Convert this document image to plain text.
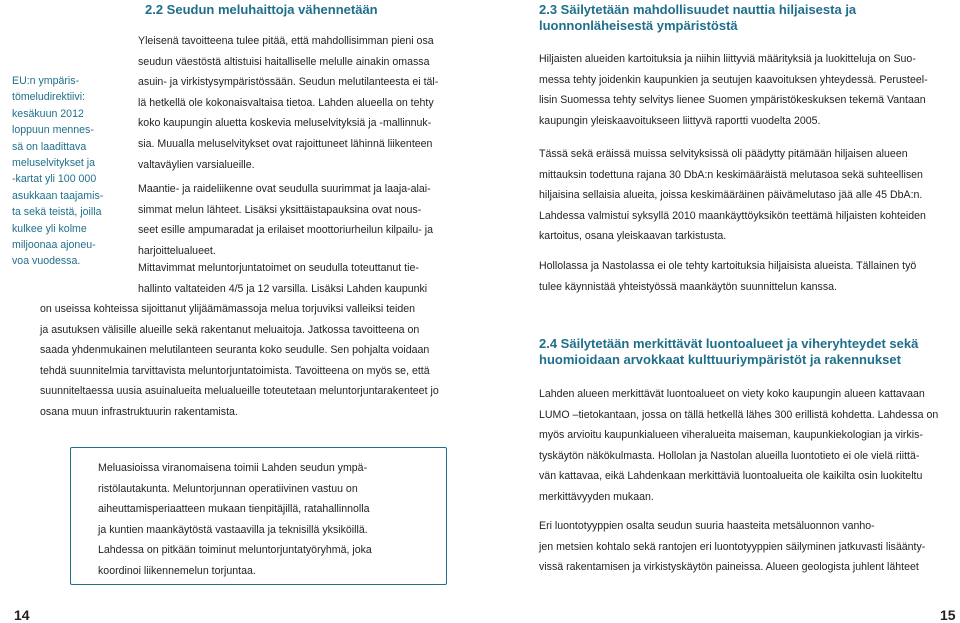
2.2 Seudun meluhaittoja vähennetään
EU:n ympäris-
tömeludirektiivi:
kesäkuun 2012
loppuun mennes-
sä on laadittava
meluselvitykset ja
-kartat yli 100 000
asukkaan taajamis-
ta sekä teistä, joilla
kulkee yli kolme
miljoonaa ajoneu-
voa vuodessa.
Yleisenä tavoitteena tulee pitää, että mahdollisimman pieni osa
seudun väestöstä altistuisi haitalliselle melulle ainakin omassa
asuin- ja virkistysympäristössään. Seudun melutilanteesta ei täl-
lä hetkellä ole kokonaisvaltaisa tietoa. Lahden alueella on tehty
koko kaupungin aluetta koskevia meluselvityksiä ja -mallinnuk-
sia. Muualla meluselvitykset ovat rajoittuneet lähinnä liikenteen
valtaväylien varsialueille.
Maantie- ja raideliikenne ovat seudulla suurimmat ja laaja-alai-
simmat melun lähteet. Lisäksi yksittäistapauksina ovat nous-
seet esille ampumaradat ja erilaiset moottoriurheilun kilpailu- ja
harjoittelualueet.
Mittavimmat meluntorjuntatoimet on seudulla toteuttanut tie-
hallinto valtateiden 4/5 ja 12 varsilla. Lisäksi Lahden kaupunki
on useissa kohteissa sijoittanut ylijäämämassoja melua torjuviksi valleiksi teiden
ja asutuksen välisille alueille sekä rakentanut meluaitoja. Jatkossa tavoitteena on
saada yhdenmukainen melutilanteen seuranta koko seudulle. Sen pohjalta voidaan
tehdä suunnitelmia tarvittavista meluntorjuntatoimista. Tavoitteena on myös se, että
suunniteltaessa uusia asuinalueita melualueille toteutetaan meluntorjuntarakenteet jo
osana muun infrastruktuurin rakentamista.
Meluasioissa viranomaisena toimii Lahden seudun ympä-
ristölautakunta. Meluntorjunnan operatiivinen vastuu on
aiheuttamisperiaatteen mukaan tienpitäjillä, ratahallinnolla
ja kuntien maankäytöstä vastaavilla ja teknisillä yksiköillä.
Lahdessa on pitkään toiminut meluntorjuntatyöryhmä, joka
koordinoi liikennemelun torjuntaa.
14
2.3 Säilytetään mahdollisuudet nauttia hiljaisesta ja
luonnonläheisestä ympäristöstä
Hiljaisten alueiden kartoituksia ja niihin liittyviä määrityksiä ja luokitteluja on Suo-
messa tehty joidenkin kaupunkien ja seutujen kaavoituksen yhteydessä. Perusteel-
lisin Suomessa tehty selvitys lienee Suomen ympäristökeskuksen tekemä Vantaan
kaupungin yleiskaavoitukseen liittyvä raportti vuodelta 2005.
Tässä sekä eräissä muissa selvityksissä oli päädytty pitämään hiljaisen alueen
mittauksin todettuna rajana 30 DbA:n keskimääräistä melutasoa sekä suhteellisen
hiljaisina sellaisia alueita, joissa keskimääräinen päivämelutaso jää alle 45 DbA:n.
Lahdessa valmistui syksyllä 2010 maankäyttöyksikön teettämä hiljaisten kohteiden
kartoitus, osana yleiskaavan tarkistusta.
Hollolassa ja Nastolassa ei ole tehty kartoituksia hiljaisista alueista. Tällainen työ
tulee käynnistää yhteistyössä maankäytön suunnittelun kanssa.
2.4 Säilytetään merkittävät luontoalueet ja viheryhteydet sekä
huomioidaan arvokkaat kulttuuriympäristöt ja rakennukset
Lahden alueen merkittävät luontoalueet on viety koko kaupungin alueen kattavaan
LUMO –tietokantaan, jossa on tällä hetkellä lähes 300 erillistä kohdetta. Lahdessa on
myös arvioitu kaupunkialueen viheralueita maiseman, kaupunkiekologian ja virkis-
tyskäytön näkökulmasta. Hollolan ja Nastolan alueilla luontotieto ei ole vielä riittä-
vän kattavaa, eikä Lahdenkaan merkittäviä luontoalueita ole kaikilta osin luokiteltu
merkittävyyden mukaan.
Eri luontotyyppien osalta seudun suuria haasteita metsäluonnon vanho-
jen metsien kohtalo sekä rantojen eri luontotyyppien säilyminen jatkuvasti lisäänty-
vissä rakentamisen ja virkistyskäytön paineissa. Alueen geologista juhlent lähteet
15
